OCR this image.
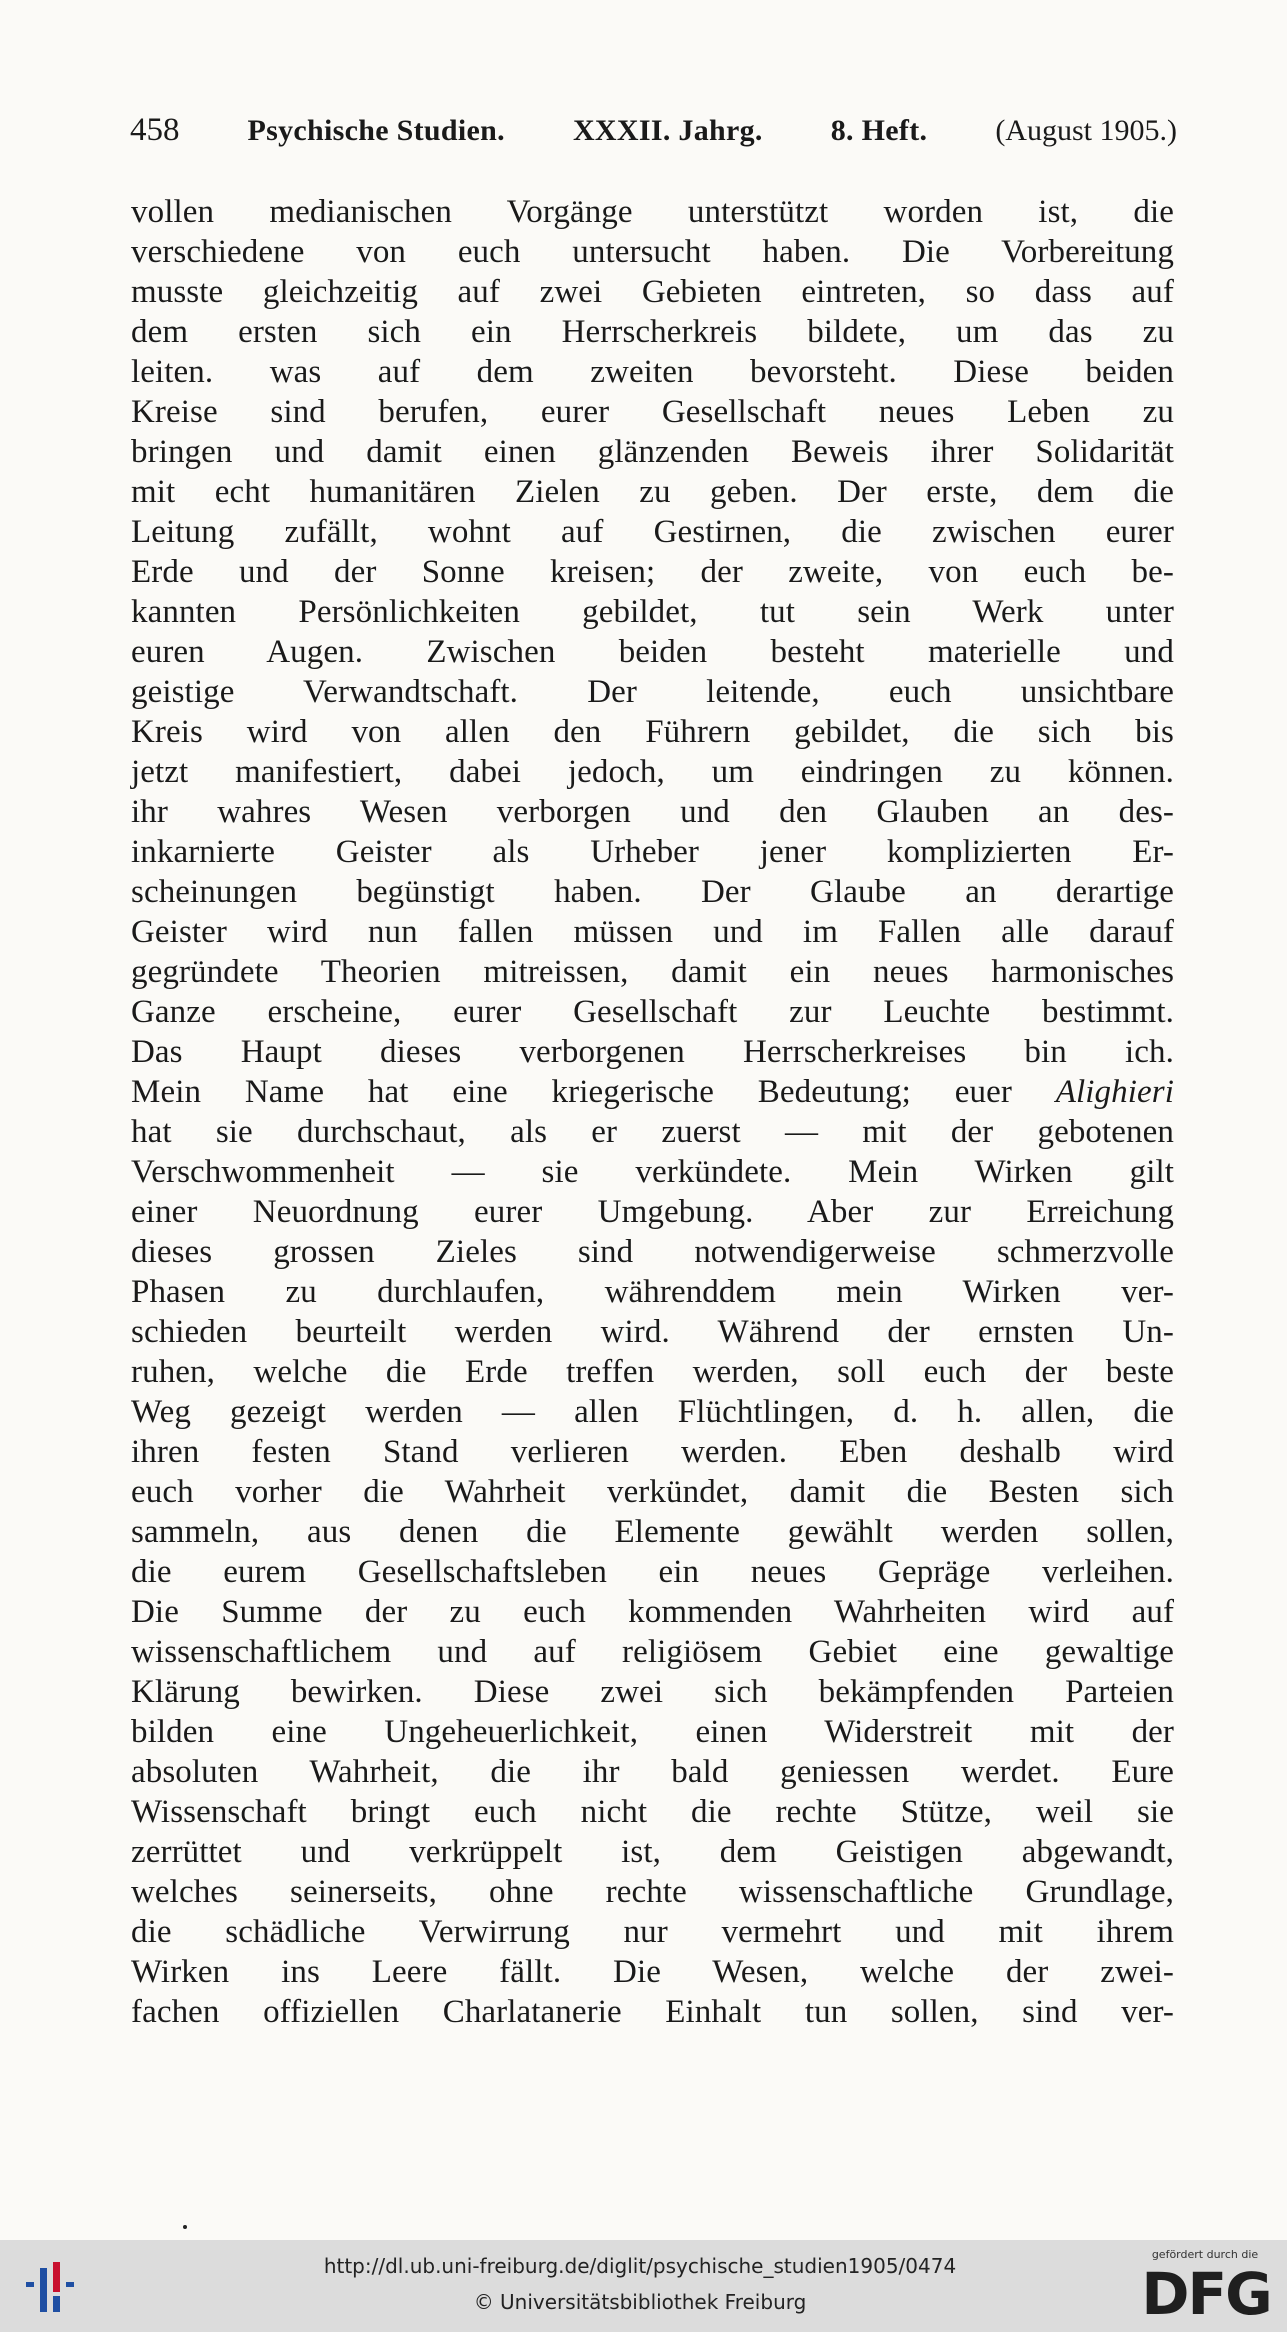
458 Psychische Studien. XXXII. Jahrg. 8. Heft. (August 1905.)
vollen medianischen Vorgänge unterstützt worden ist, die
verschiedene von euch untersucht haben. Die Vorbereitung
musste gleichzeitig auf zwei Gebieten eintreten, so dass auf
dem ersten sich ein Herrscherkreis bildete, um das zu
leiten. was auf dem zweiten bevorsteht. Diese beiden
Kreise sind berufen, eurer Gesellschaft neues Leben zu
bringen und damit einen glänzenden Beweis ihrer Solidarität
mit echt humanitären Zielen zu geben. Der erste, dem die
Leitung zufällt, wohnt auf Gestirnen, die zwischen eurer
Erde und der Sonne kreisen; der zweite, von euch be-
kannten Persönlichkeiten gebildet, tut sein Werk unter
euren Augen. Zwischen beiden besteht materielle und
geistige Verwandtschaft. Der leitende, euch unsichtbare
Kreis wird von allen den Führern gebildet, die sich bis
jetzt manifestiert, dabei jedoch, um eindringen zu können.
ihr wahres Wesen verborgen und den Glauben an des-
inkarnierte Geister als Urheber jener komplizierten Er-
scheinungen begünstigt haben. Der Glaube an derartige
Geister wird nun fallen müssen und im Fallen alle darauf
gegründete Theorien mitreissen, damit ein neues harmonisches
Ganze erscheine, eurer Gesellschaft zur Leuchte bestimmt.
Das Haupt dieses verborgenen Herrscherkreises bin ich.
Mein Name hat eine kriegerische Bedeutung; euer Alighieri
hat sie durchschaut, als er zuerst — mit der gebotenen
Verschwommenheit — sie verkündete. Mein Wirken gilt
einer Neuordnung eurer Umgebung. Aber zur Erreichung
dieses grossen Zieles sind notwendigerweise schmerzvolle
Phasen zu durchlaufen, währenddem mein Wirken ver-
schieden beurteilt werden wird. Während der ernsten Un-
ruhen, welche die Erde treffen werden, soll euch der beste
Weg gezeigt werden — allen Flüchtlingen, d. h. allen, die
ihren festen Stand verlieren werden. Eben deshalb wird
euch vorher die Wahrheit verkündet, damit die Besten sich
sammeln, aus denen die Elemente gewählt werden sollen,
die eurem Gesellschaftsleben ein neues Gepräge verleihen.
Die Summe der zu euch kommenden Wahrheiten wird auf
wissenschaftlichem und auf religiösem Gebiet eine gewaltige
Klärung bewirken. Diese zwei sich bekämpfenden Parteien
bilden eine Ungeheuerlichkeit, einen Widerstreit mit der
absoluten Wahrheit, die ihr bald geniessen werdet. Eure
Wissenschaft bringt euch nicht die rechte Stütze, weil sie
zerrüttet und verkrüppelt ist, dem Geistigen abgewandt,
welches seinerseits, ohne rechte wissenschaftliche Grundlage,
die schädliche Verwirrung nur vermehrt und mit ihrem
Wirken ins Leere fällt. Die Wesen, welche der zwei-
fachen offiziellen Charlatanerie Einhalt tun sollen, sind ver-
http://dl.ub.uni-freiburg.de/diglit/psychische_studien1905/0474
© Universitätsbibliothek Freiburg
gefördert durch die
DFG
